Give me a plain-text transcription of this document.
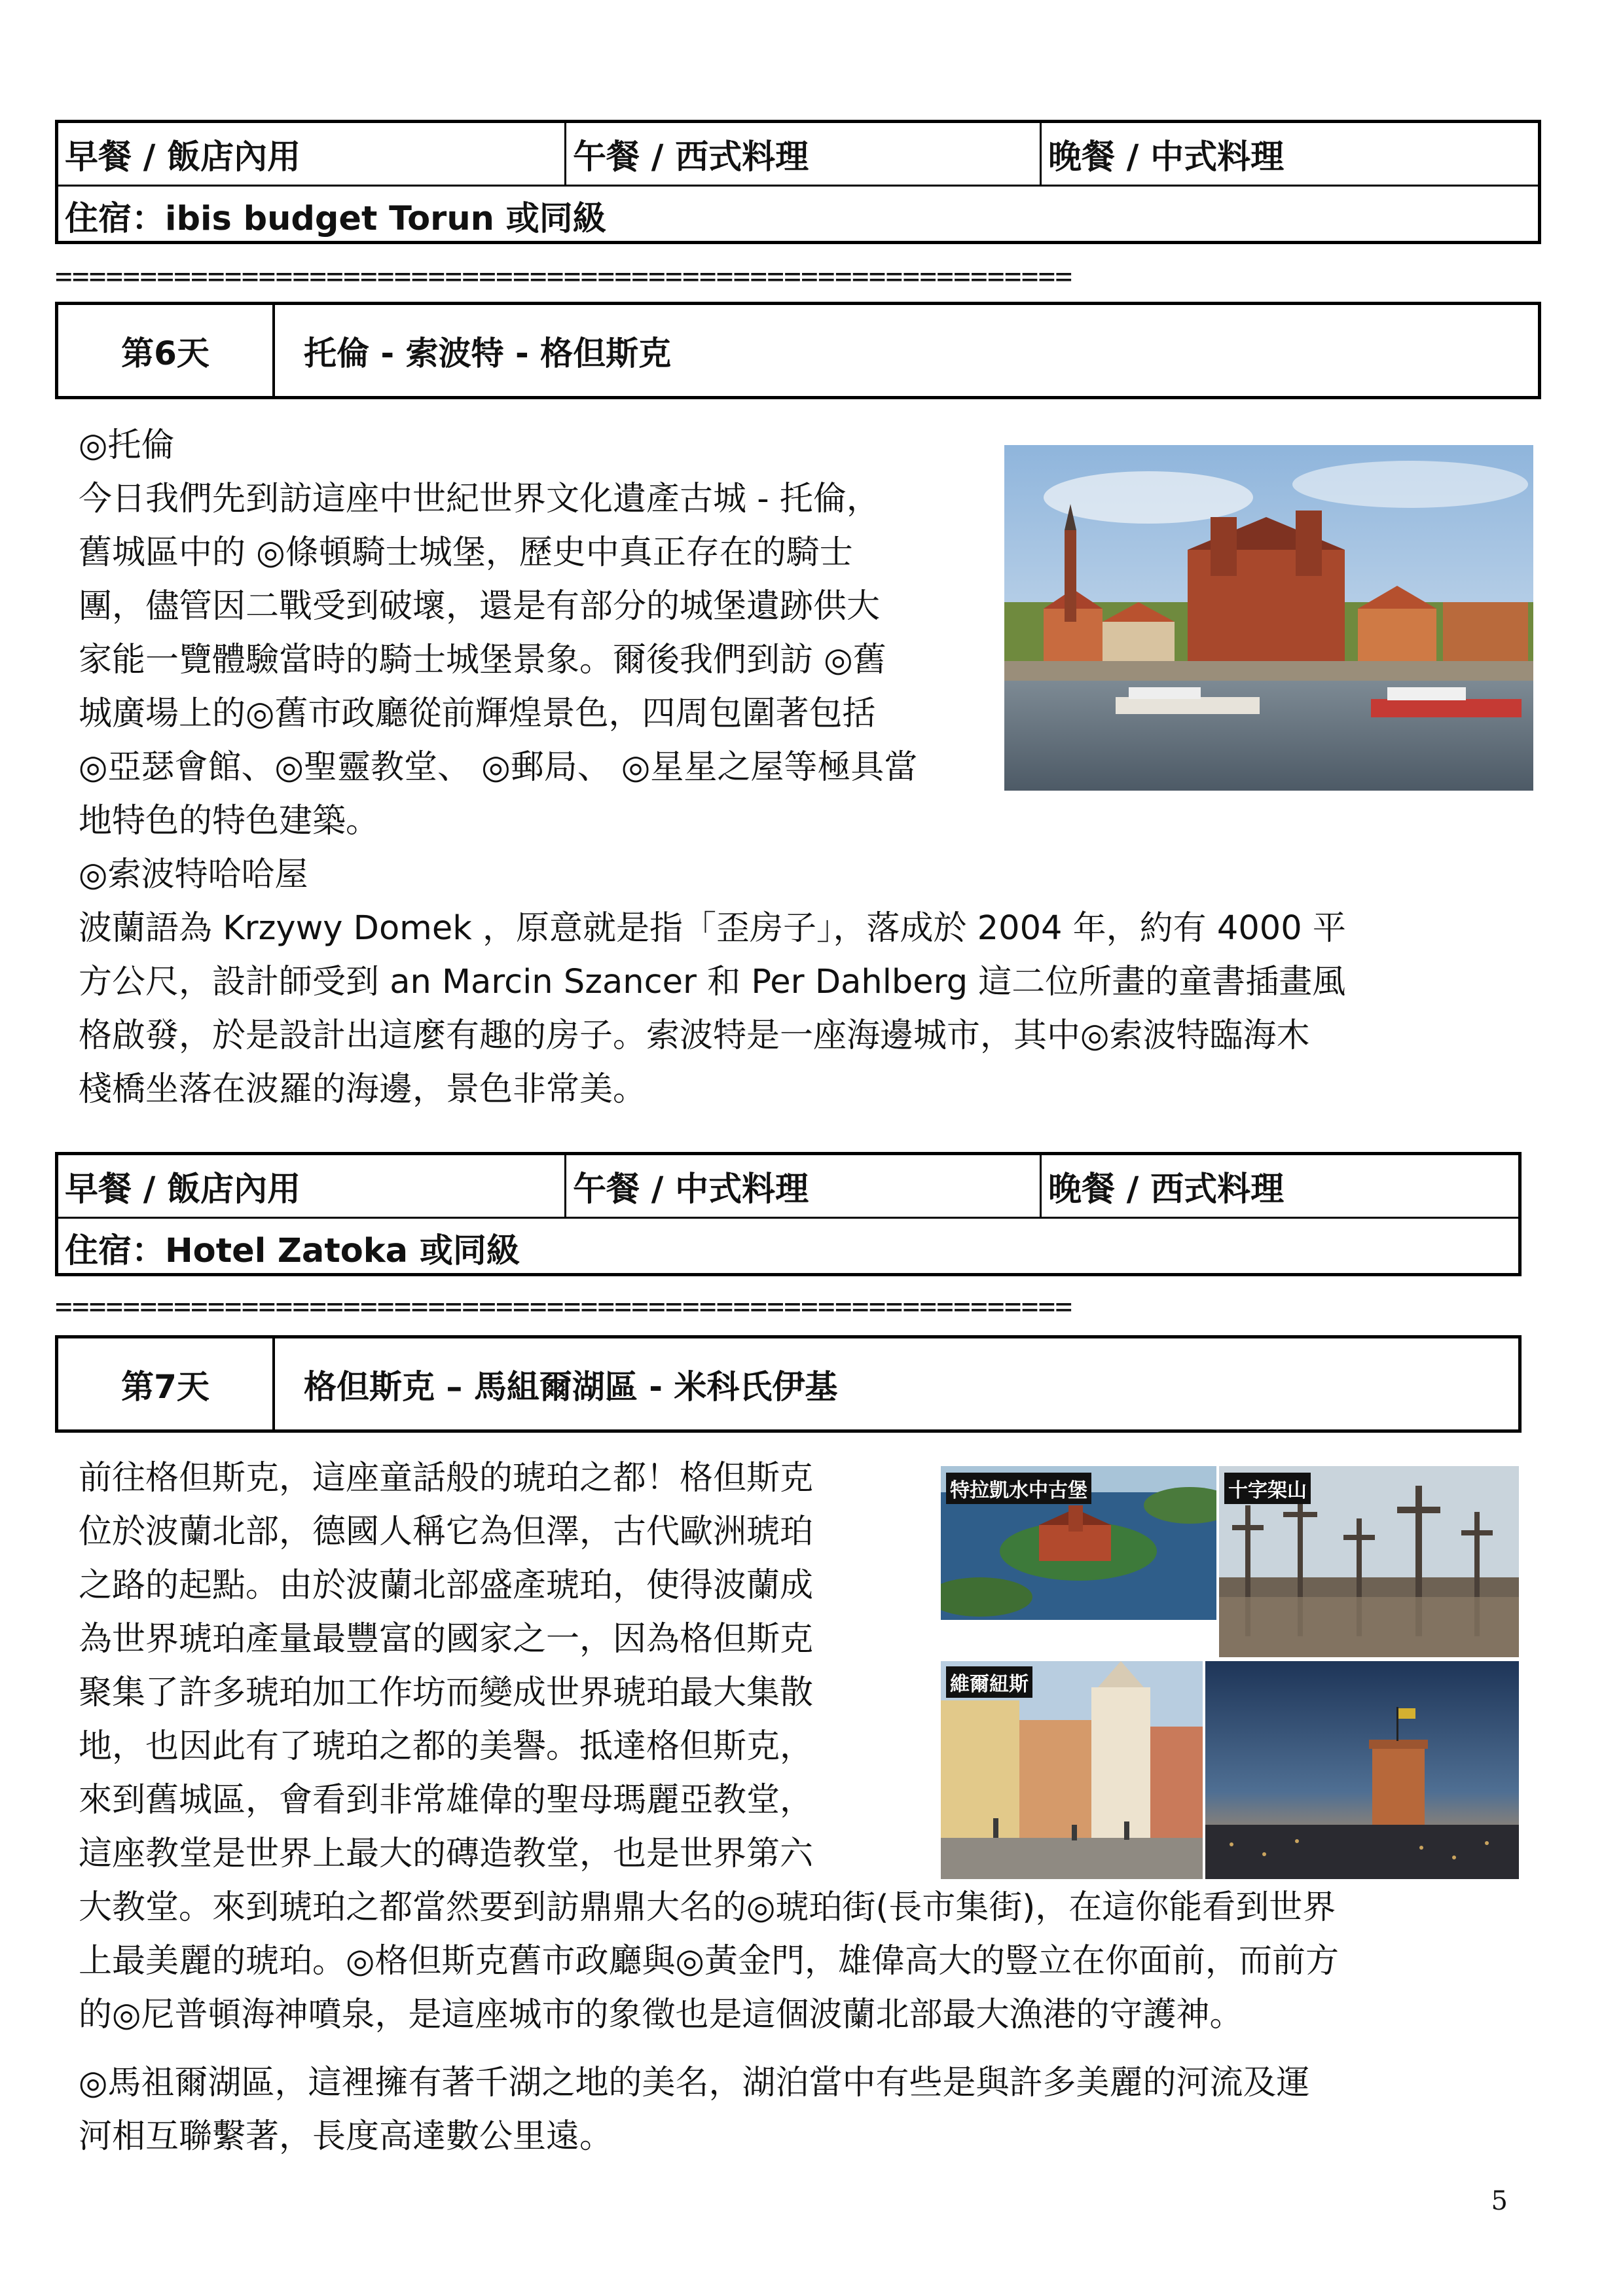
早餐 / 飯店內用	午餐 / 西式料理	晚餐 / 中式料理
住宿：ibis budget Torun 或同級
============================================================
第6天	托倫 - 索波特 - 格但斯克
◎托倫
今日我們先到訪這座中世紀世界文化遺產古城 - 托倫，
舊城區中的 ◎條頓騎士城堡，歷史中真正存在的騎士
團，儘管因二戰受到破壞，還是有部分的城堡遺跡供大
家能一覽體驗當時的騎士城堡景象。爾後我們到訪 ◎舊
城廣場上的◎舊市政廳從前輝煌景色，四周包圍著包括
◎亞瑟會館、◎聖靈教堂、 ◎郵局、 ◎星星之屋等極具當
地特色的特色建築。
◎索波特哈哈屋
波蘭語為 Krzywy Domek ，原意就是指「歪房子」，落成於 2004 年，約有 4000 平
方公尺，設計師受到 an Marcin Szancer 和 Per Dahlberg 這二位所畫的童書插畫風
格啟發，於是設計出這麼有趣的房子。索波特是一座海邊城市，其中◎索波特臨海木
棧橋坐落在波羅的海邊，景色非常美。
早餐 / 飯店內用	午餐 / 中式料理	晚餐 / 西式料理
住宿：Hotel Zatoka 或同級
============================================================
第7天	格但斯克 – 馬組爾湖區 - 米科氏伊基
前往格但斯克，這座童話般的琥珀之都！格但斯克
位於波蘭北部，德國人稱它為但澤，古代歐洲琥珀
之路的起點。由於波蘭北部盛產琥珀，使得波蘭成
為世界琥珀產量最豐富的國家之一，因為格但斯克
聚集了許多琥珀加工作坊而變成世界琥珀最大集散
地，也因此有了琥珀之都的美譽。抵達格但斯克，
來到舊城區，會看到非常雄偉的聖母瑪麗亞教堂，
這座教堂是世界上最大的磚造教堂，也是世界第六
大教堂。來到琥珀之都當然要到訪鼎鼎大名的◎琥珀街(長市集街)，在這你能看到世界
上最美麗的琥珀。◎格但斯克舊市政廳與◎黃金門，雄偉高大的豎立在你面前，而前方
的◎尼普頓海神噴泉，是這座城市的象徵也是這個波蘭北部最大漁港的守護神。
◎馬祖爾湖區，這裡擁有著千湖之地的美名，湖泊當中有些是與許多美麗的河流及運
河相互聯繫著，長度高達數公里遠。
特拉凱水中古堡	十字架山
維爾紐斯
5
